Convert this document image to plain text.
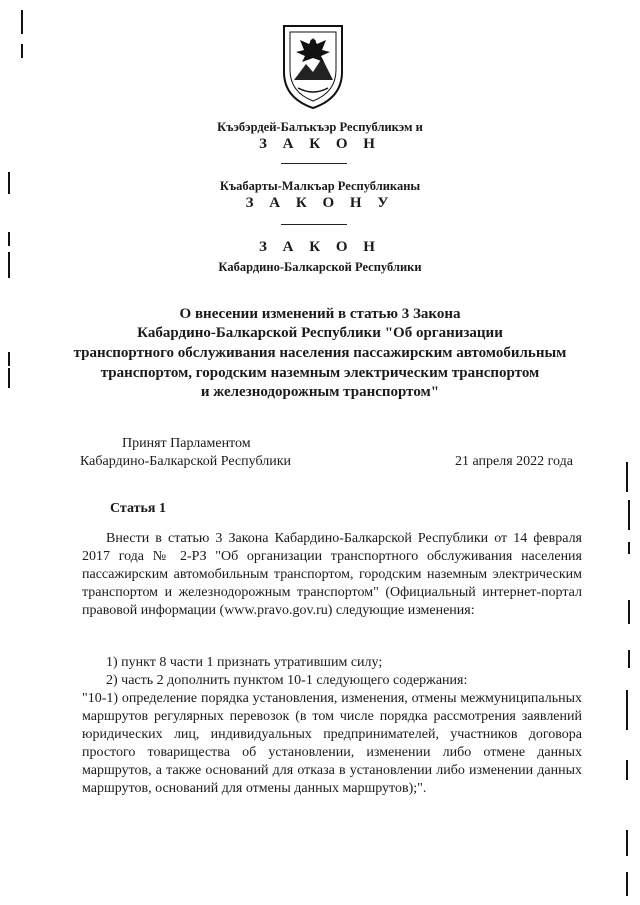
Къэбэрдей-Балъкъэр Республикэм и
З А К О Н
Къабарты-Малкъар Республиканы
З А К О Н У
З А К О Н
Кабардино-Балкарской Республики
О внесении изменений в статью 3 Закона
Кабардино-Балкарской Республики "Об организации
транспортного обслуживания населения пассажирским автомобильным
транспортом, городским наземным электрическим транспортом
и железнодорожным транспортом"
Принят Парламентом
Кабардино-Балкарской Республики	21 апреля 2022 года
Статья 1
Внести в статью 3 Закона Кабардино-Балкарской Республики от 14 февраля 2017 года № 2-РЗ "Об организации транспортного обслуживания населения пассажирским автомобильным транспортом, городским наземным электрическим транспортом и железнодорожным транспортом" (Официальный интернет-портал правовой информации (www.pravo.gov.ru) следующие изменения:
1) пункт 8 части 1 признать утратившим силу;
2) часть 2 дополнить пунктом 10-1 следующего содержания:
"10-1) определение порядка установления, изменения, отмены межмуниципальных маршрутов регулярных перевозок (в том числе порядка рассмотрения заявлений юридических лиц, индивидуальных предпринимателей, участников договора простого товарищества об установлении, изменении либо отмене данных маршрутов, а также оснований для отказа в установлении либо изменении данных маршрутов, оснований для отмены данных маршрутов);".
